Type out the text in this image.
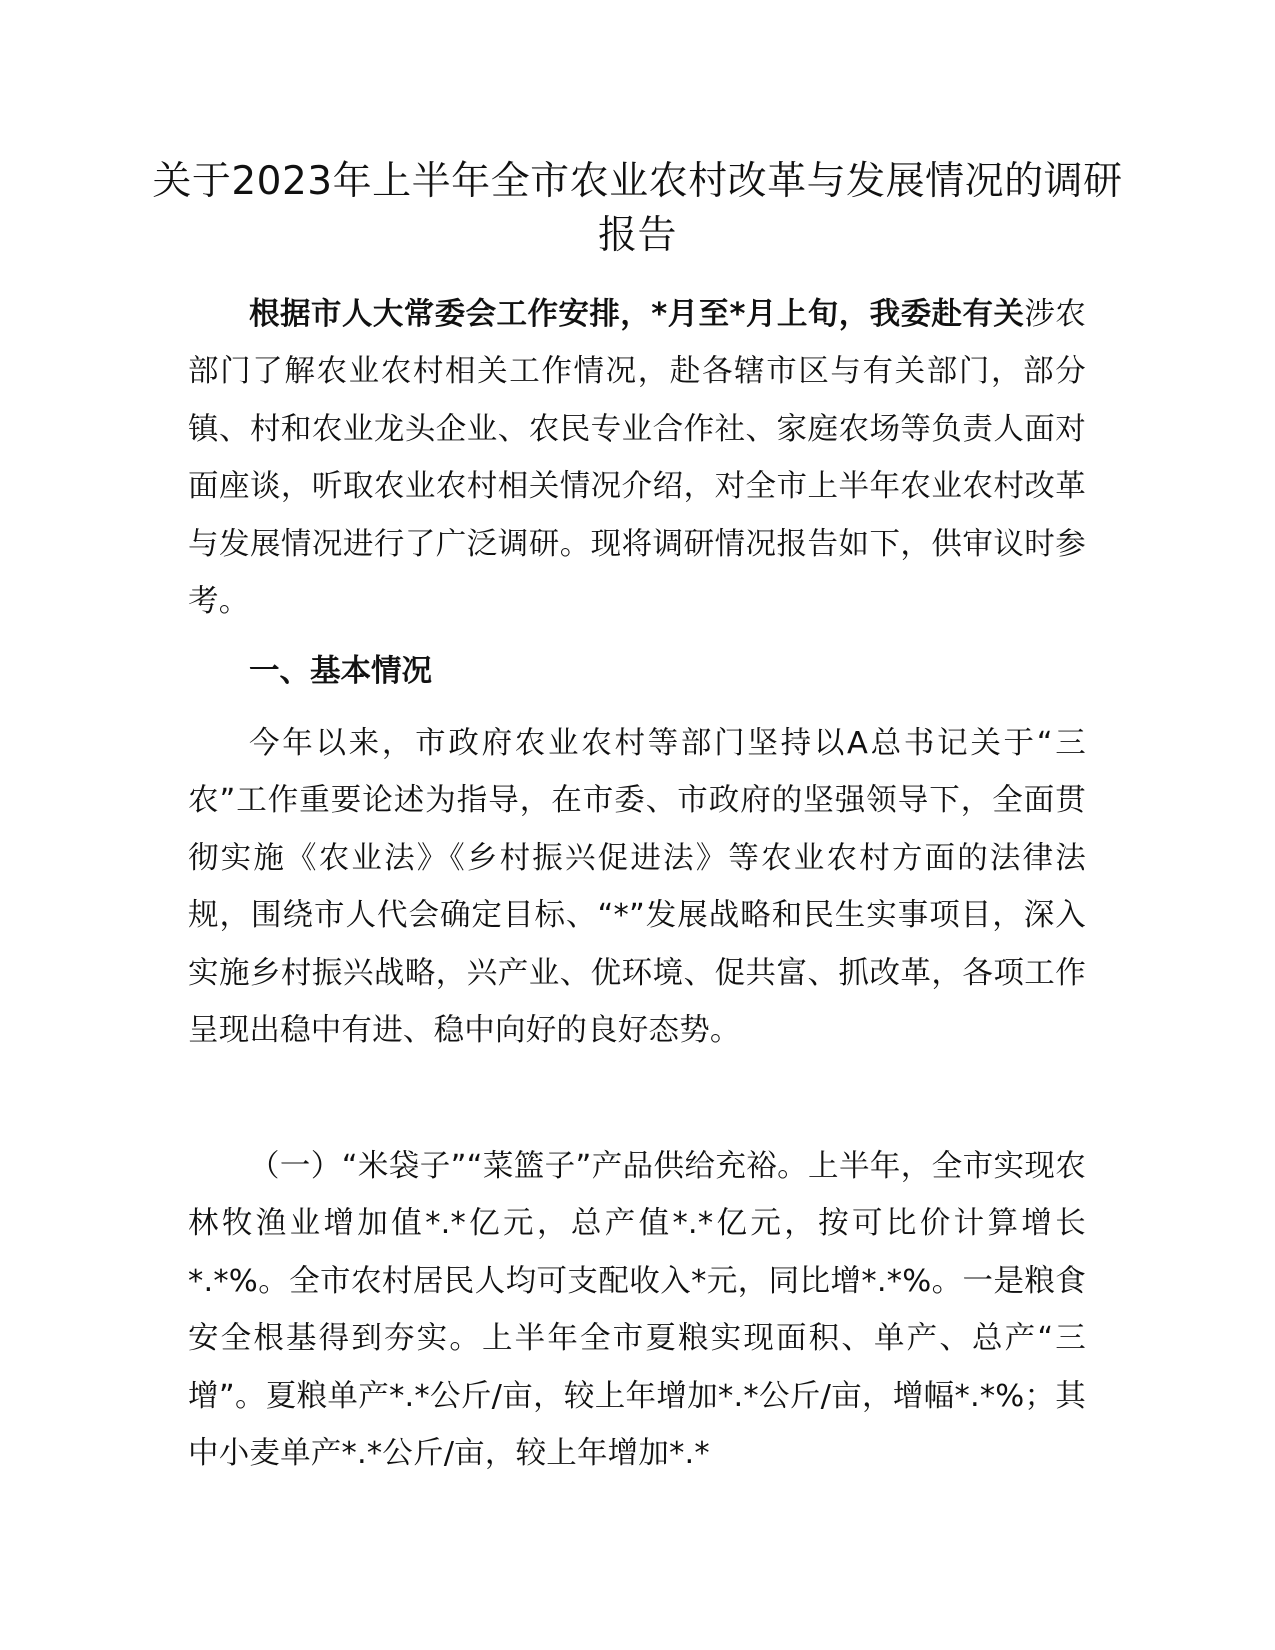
关于2023年上半年全市农业农村改革与发展情况的调研报告

根据市人大常委会工作安排，*月至*月上旬，我委赴有关涉农部门了解农业农村相关工作情况，赴各辖市区与有关部门，部分镇、村和农业龙头企业、农民专业合作社、家庭农场等负责人面对面座谈，听取农业农村相关情况介绍，对全市上半年农业农村改革与发展情况进行了广泛调研。现将调研情况报告如下，供审议时参考。

一、基本情况

今年以来，市政府农业农村等部门坚持以A总书记关于“三农”工作重要论述为指导，在市委、市政府的坚强领导下，全面贯彻实施《农业法》《乡村振兴促进法》等农业农村方面的法律法规，围绕市人代会确定目标、“*”发展战略和民生实事项目，深入实施乡村振兴战略，兴产业、优环境、促共富、抓改革，各项工作呈现出稳中有进、稳中向好的良好态势。

（一）“米袋子”“菜篮子”产品供给充裕。上半年，全市实现农林牧渔业增加值*.*亿元，总产值*.*亿元，按可比价计算增长*.*%。全市农村居民人均可支配收入*元，同比增*.*%。一是粮食安全根基得到夯实。上半年全市夏粮实现面积、单产、总产“三增”。夏粮单产*.*公斤/亩，较上年增加*.*公斤/亩，增幅*.*%；其中小麦单产*.*公斤/亩，较上年增加*.*
